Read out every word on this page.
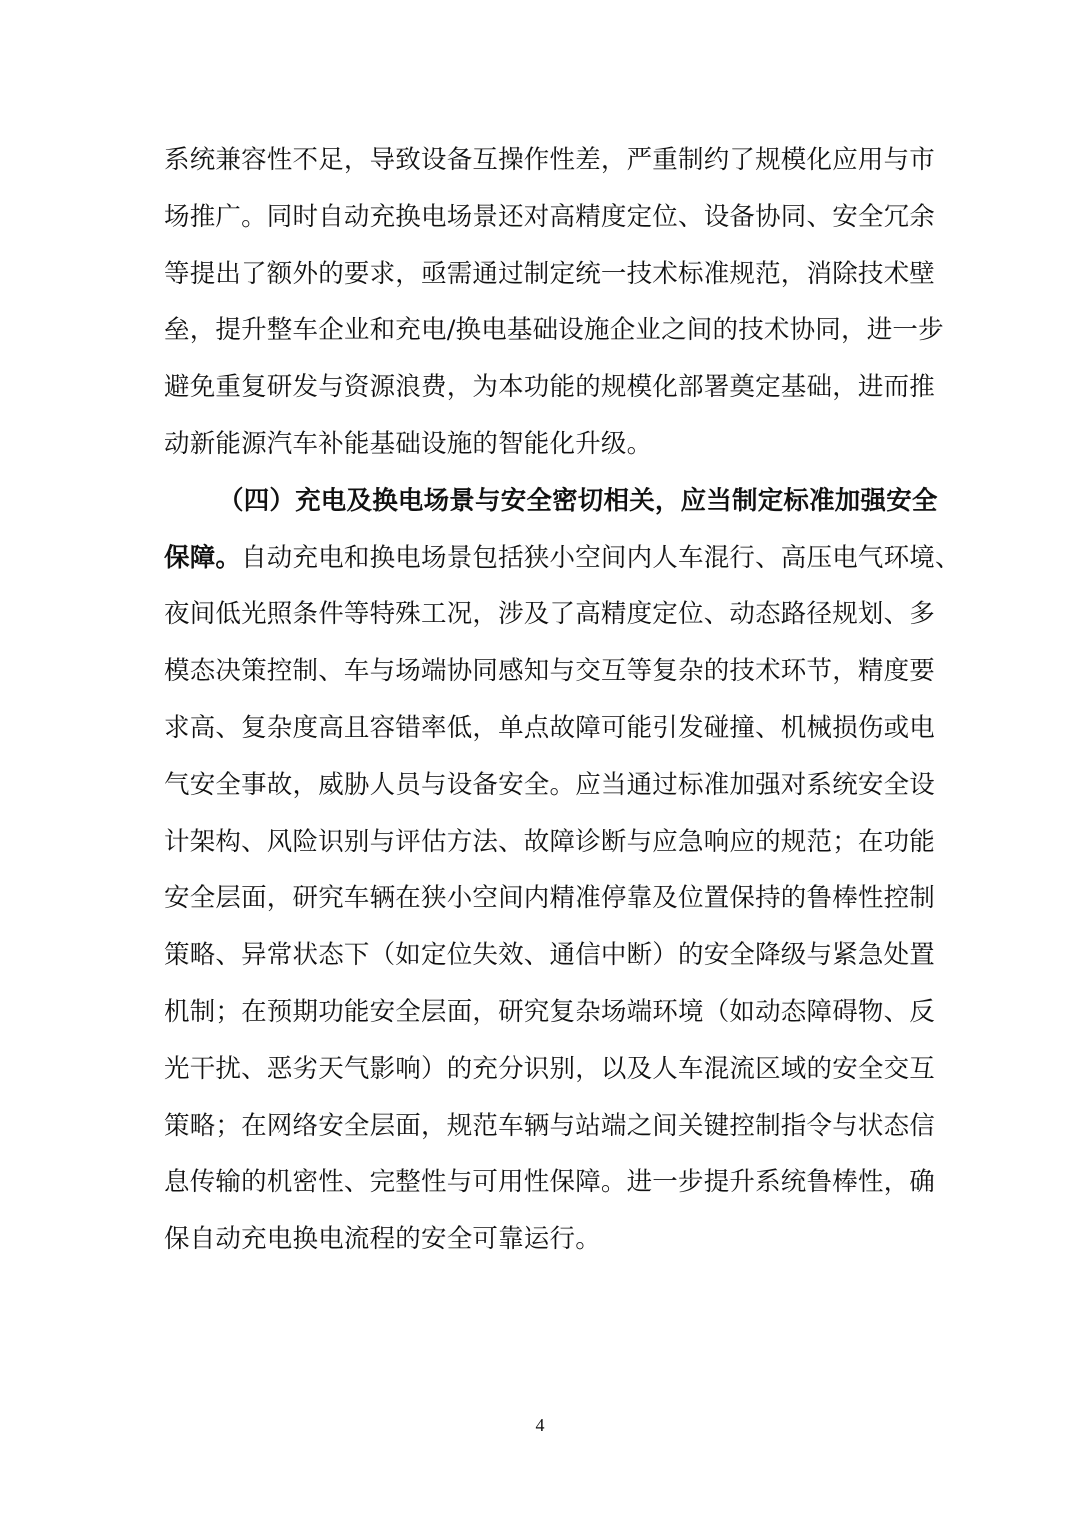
系统兼容性不足，导致设备互操作性差，严重制约了规模化应用与市
场推广。同时自动充换电场景还对高精度定位、设备协同、安全冗余
等提出了额外的要求，亟需通过制定统一技术标准规范，消除技术壁
垒，提升整车企业和充电/换电基础设施企业之间的技术协同，进一步
避免重复研发与资源浪费，为本功能的规模化部署奠定基础，进而推
动新能源汽车补能基础设施的智能化升级。
（四）充电及换电场景与安全密切相关，应当制定标准加强安全
保障。自动充电和换电场景包括狭小空间内人车混行、高压电气环境、
夜间低光照条件等特殊工况，涉及了高精度定位、动态路径规划、多
模态决策控制、车与场端协同感知与交互等复杂的技术环节，精度要
求高、复杂度高且容错率低，单点故障可能引发碰撞、机械损伤或电
气安全事故，威胁人员与设备安全。应当通过标准加强对系统安全设
计架构、风险识别与评估方法、故障诊断与应急响应的规范；在功能
安全层面，研究车辆在狭小空间内精准停靠及位置保持的鲁棒性控制
策略、异常状态下（如定位失效、通信中断）的安全降级与紧急处置
机制；在预期功能安全层面，研究复杂场端环境（如动态障碍物、反
光干扰、恶劣天气影响）的充分识别，以及人车混流区域的安全交互
策略；在网络安全层面，规范车辆与站端之间关键控制指令与状态信
息传输的机密性、完整性与可用性保障。进一步提升系统鲁棒性，确
保自动充电换电流程的安全可靠运行。
4
